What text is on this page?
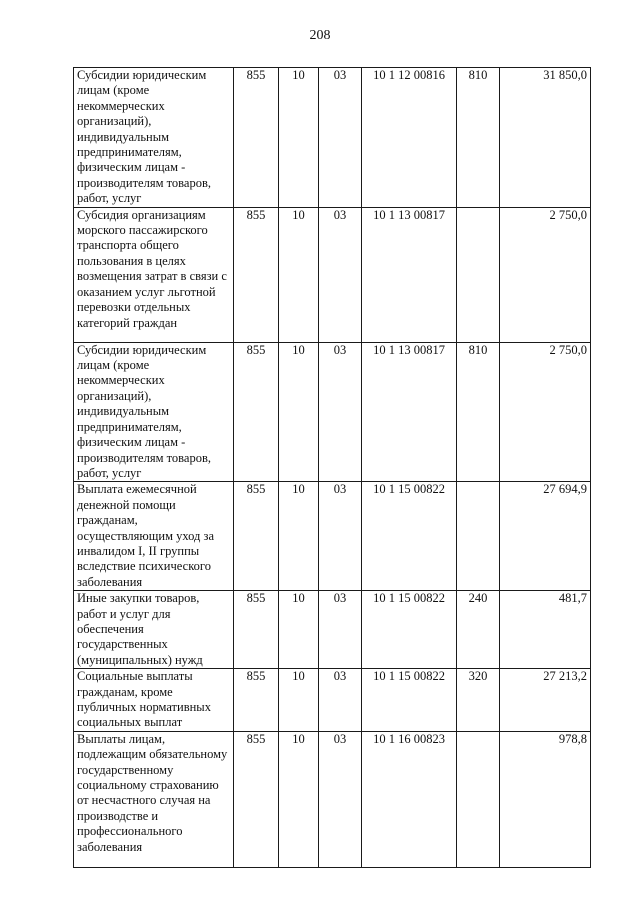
208
Субсидии юридическим лицам (кроме некоммерческих организаций), индивидуальным предпринимателям, физическим лицам - производителям товаров, работ, услуг	855	10	03	10 1 12 00816	810	31 850,0
Субсидия организациям морского пассажирского транспорта общего пользования в целях возмещения затрат в связи с оказанием услуг льготной перевозки отдельных категорий граждан	855	10	03	10 1 13 00817		2 750,0
Субсидии юридическим лицам (кроме некоммерческих организаций), индивидуальным предпринимателям, физическим лицам - производителям товаров, работ, услуг	855	10	03	10 1 13 00817	810	2 750,0
Выплата ежемесячной денежной помощи гражданам, осуществляющим уход за инвалидом I, II группы вследствие психического заболевания	855	10	03	10 1 15 00822		27 694,9
Иные закупки товаров, работ и услуг для обеспечения государственных (муниципальных) нужд	855	10	03	10 1 15 00822	240	481,7
Социальные выплаты гражданам, кроме публичных нормативных социальных выплат	855	10	03	10 1 15 00822	320	27 213,2
Выплаты лицам, подлежащим обязательному государственному социальному страхованию от несчастного случая на производстве и профессионального заболевания	855	10	03	10 1 16 00823		978,8
